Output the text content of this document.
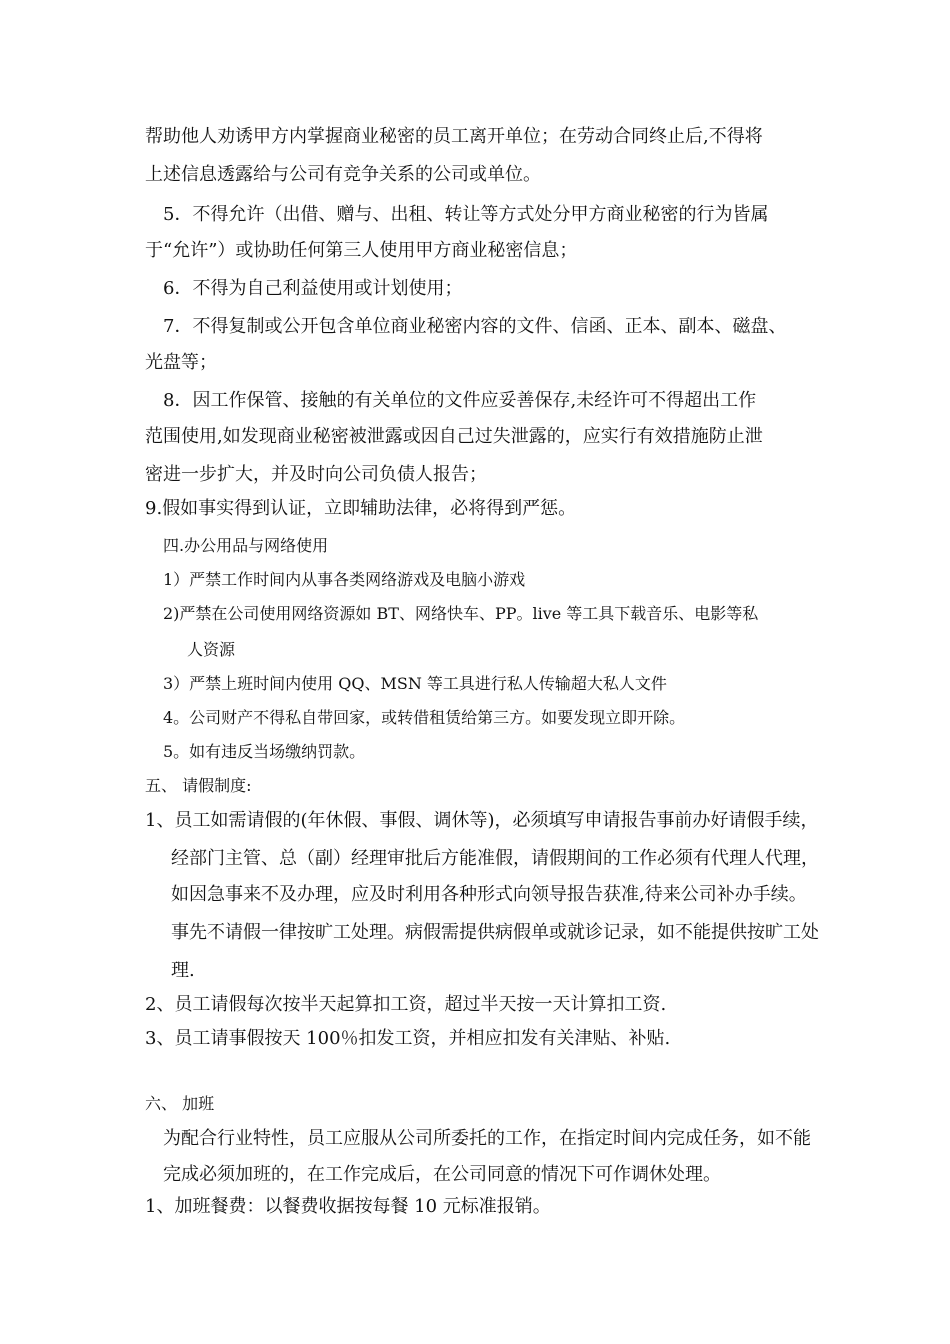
帮助他人劝诱甲方内掌握商业秘密的员工离开单位；在劳动合同终止后,不得将
上述信息透露给与公司有竞争关系的公司或单位。
5．不得允许（出借、赠与、出租、转让等方式处分甲方商业秘密的行为皆属
于“允许”）或协助任何第三人使用甲方商业秘密信息；
6．不得为自己利益使用或计划使用；
7．不得复制或公开包含单位商业秘密内容的文件、信函、正本、副本、磁盘、
光盘等；
8．因工作保管、接触的有关单位的文件应妥善保存,未经许可不得超出工作
范围使用,如发现商业秘密被泄露或因自己过失泄露的，应实行有效措施防止泄
密进一步扩大，并及时向公司负债人报告；
9.假如事实得到认证，立即辅助法律，必将得到严惩。
四.办公用品与网络使用
1）严禁工作时间内从事各类网络游戏及电脑小游戏
2)严禁在公司使用网络资源如 BT、网络快车、PP。live 等工具下载音乐、电影等私
人资源
3）严禁上班时间内使用 QQ、MSN 等工具进行私人传输超大私人文件
4。公司财产不得私自带回家，或转借租赁给第三方。如要发现立即开除。
5。如有违反当场缴纳罚款。
五、 请假制度:
1、员工如需请假的(年休假、事假、调休等)，必须填写申请报告事前办好请假手续，
经部门主管、总（副）经理审批后方能准假，请假期间的工作必须有代理人代理，
如因急事来不及办理，应及时利用各种形式向领导报告获准,待来公司补办手续。
事先不请假一律按旷工处理。病假需提供病假单或就诊记录，如不能提供按旷工处
理.
2、员工请假每次按半天起算扣工资，超过半天按一天计算扣工资.
3、员工请事假按天 100％扣发工资，并相应扣发有关津贴、补贴.
六、 加班
为配合行业特性，员工应服从公司所委托的工作，在指定时间内完成任务，如不能
完成必须加班的，在工作完成后，在公司同意的情况下可作调休处理。
1、加班餐费：以餐费收据按每餐 10 元标准报销。
